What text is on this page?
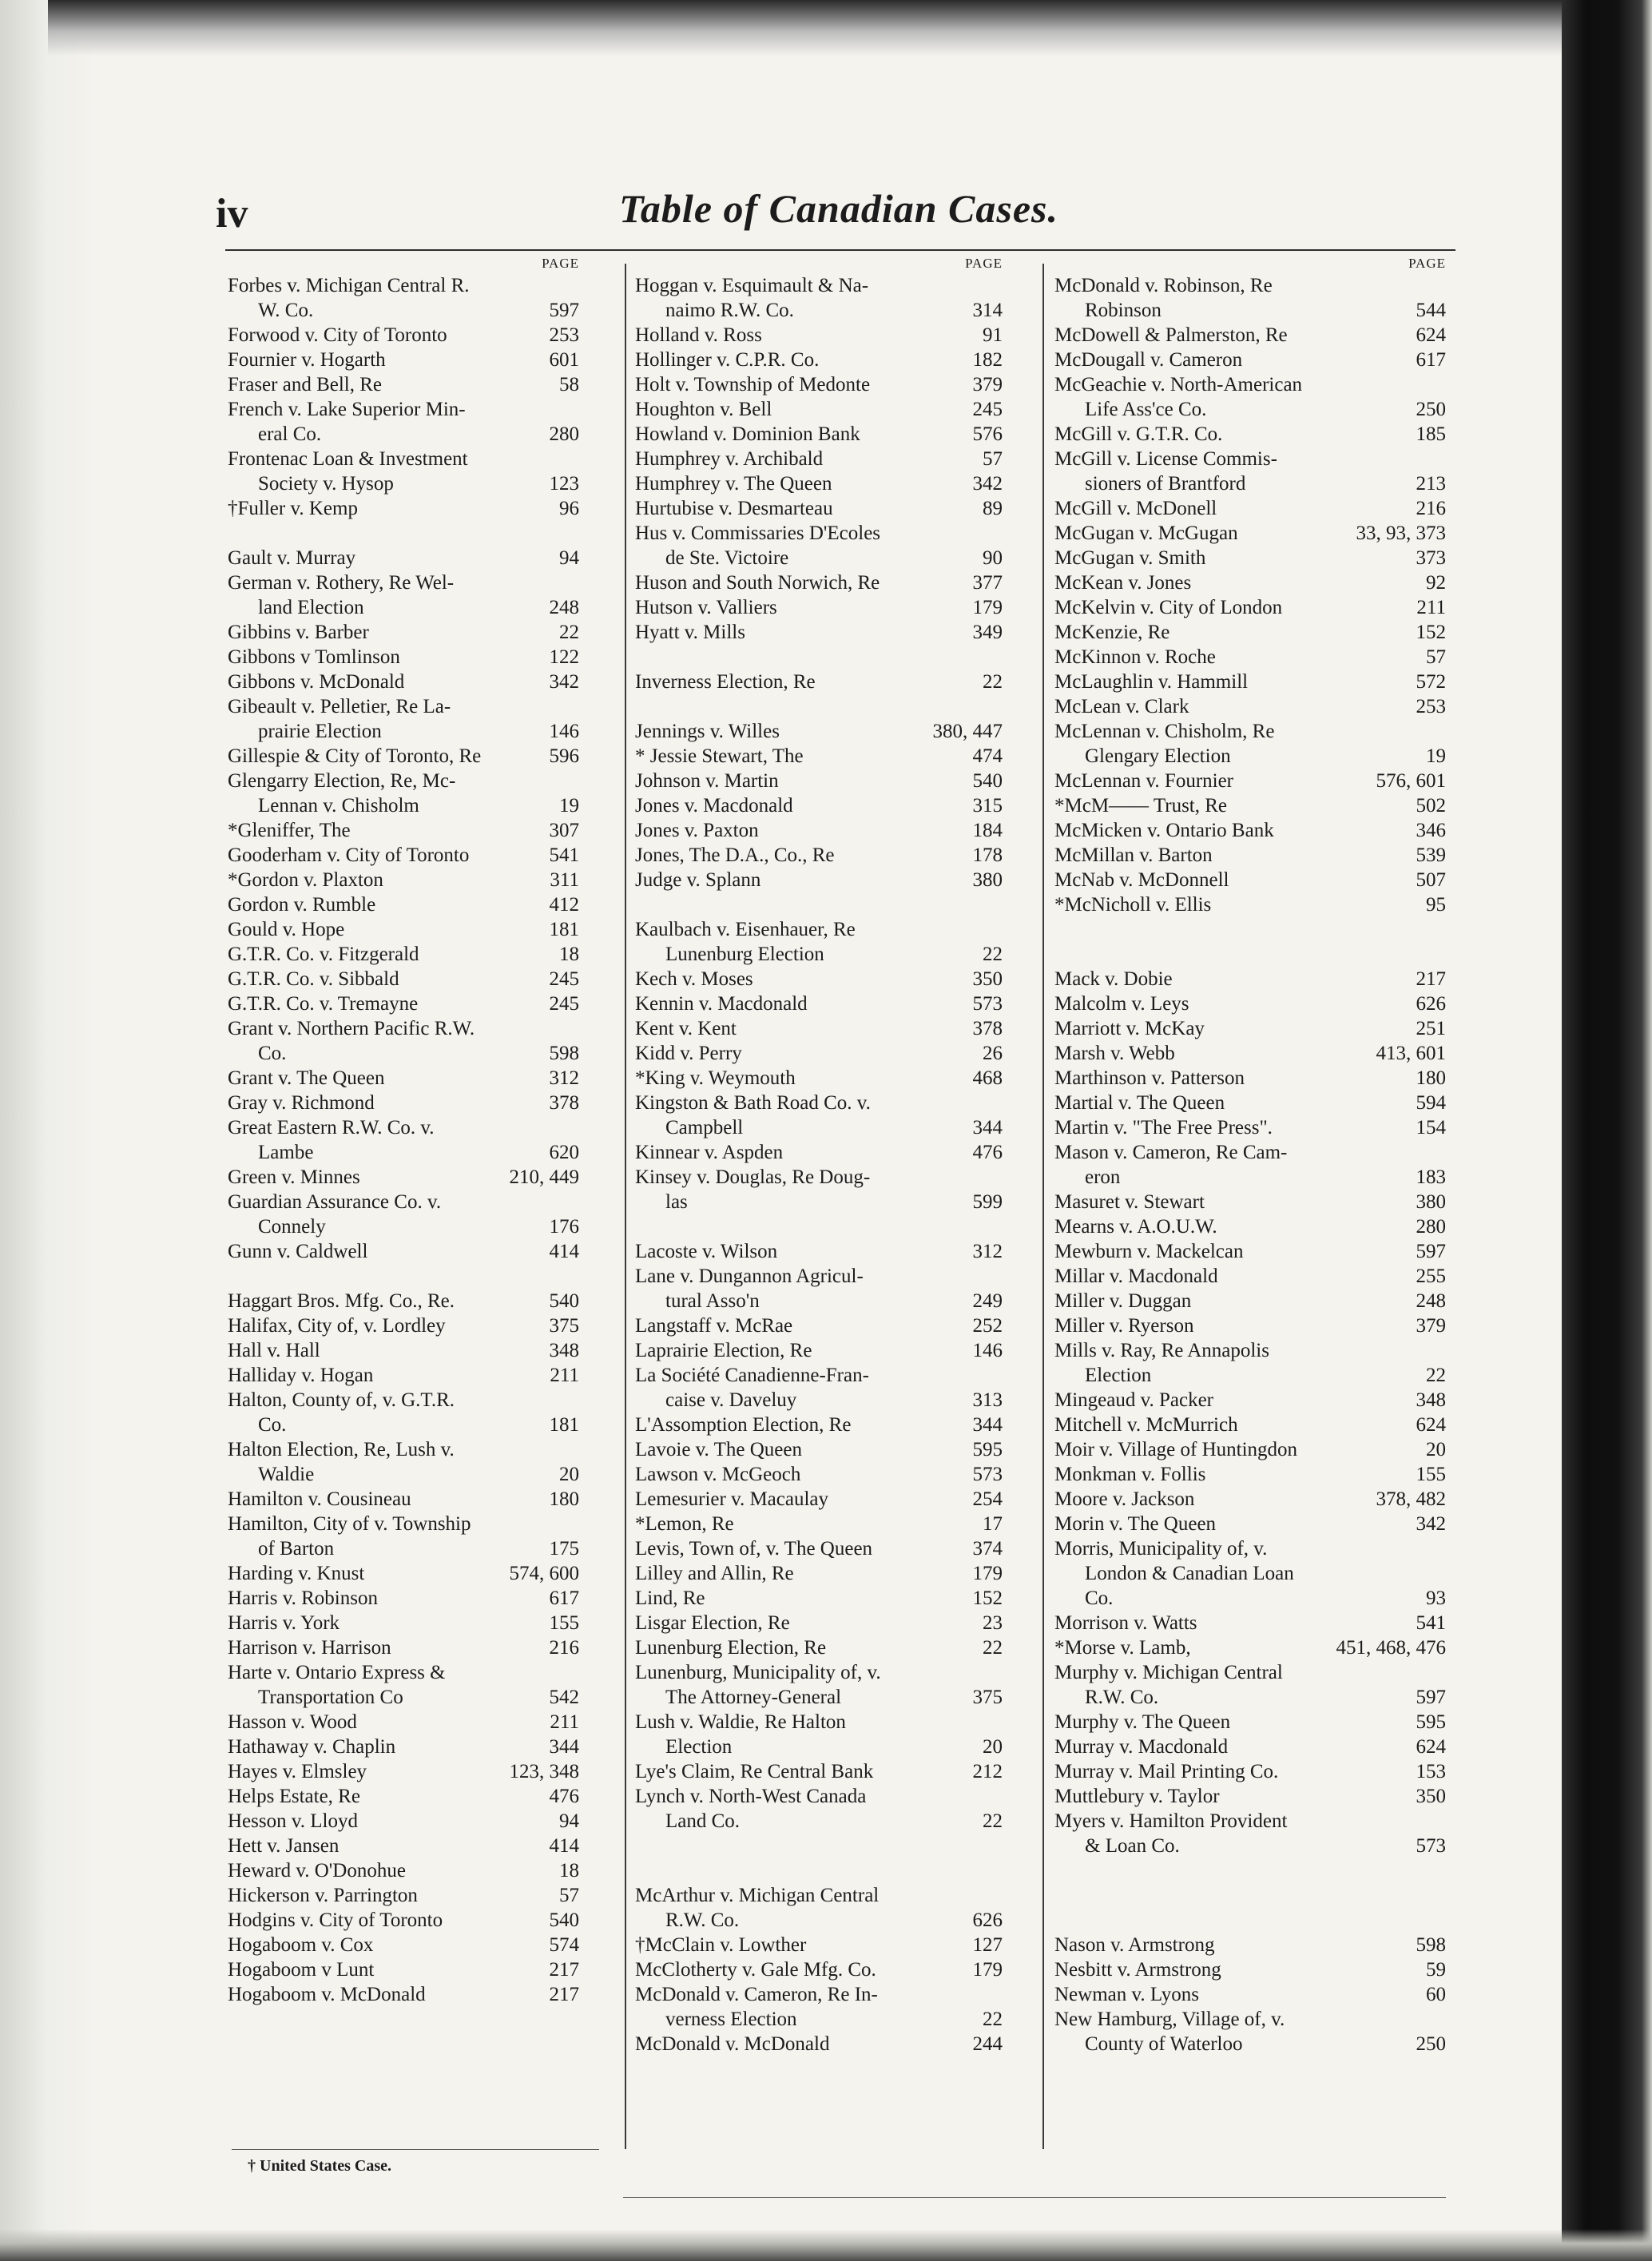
iv	Table of Canadian Cases.
PAGE
Forbes v. Michigan Central R.
W. Co.	597
Forwood v. City of Toronto	253
Fournier v. Hogarth	601
Fraser and Bell, Re	58
French v. Lake Superior Min-
eral Co.	280
Frontenac Loan & Investment
Society v. Hysop	123
†Fuller v. Kemp	96
Gault v. Murray	94
German v. Rothery, Re Wel-
land Election	248
Gibbins v. Barber	22
Gibbons v Tomlinson	122
Gibbons v. McDonald	342
Gibeault v. Pelletier, Re La-
prairie Election	146
Gillespie & City of Toronto, Re	596
Glengarry Election, Re, Mc-
Lennan v. Chisholm	19
*Gleniffer, The	307
Gooderham v. City of Toronto	541
*Gordon v. Plaxton	311
Gordon v. Rumble	412
Gould v. Hope	181
G.T.R. Co. v. Fitzgerald	18
G.T.R. Co. v. Sibbald	245
G.T.R. Co. v. Tremayne	245
Grant v. Northern Pacific R.W.
Co.	598
Grant v. The Queen	312
Gray v. Richmond	378
Great Eastern R.W. Co. v.
Lambe	620
Green v. Minnes	210, 449
Guardian Assurance Co. v.
Connely	176
Gunn v. Caldwell	414
Haggart Bros. Mfg. Co., Re.	540
Halifax, City of, v. Lordley	375
Hall v. Hall	348
Halliday v. Hogan	211
Halton, County of, v. G.T.R.
Co.	181
Halton Election, Re, Lush v.
Waldie	20
Hamilton v. Cousineau	180
Hamilton, City of v. Township
of Barton	175
Harding v. Knust	574, 600
Harris v. Robinson	617
Harris v. York	155
Harrison v. Harrison	216
Harte v. Ontario Express &
Transportation Co	542
Hasson v. Wood	211
Hathaway v. Chaplin	344
Hayes v. Elmsley	123, 348
Helps Estate, Re	476
Hesson v. Lloyd	94
Hett v. Jansen	414
Heward v. O'Donohue	18
Hickerson v. Parrington	57
Hodgins v. City of Toronto	540
Hogaboom v. Cox	574
Hogaboom v Lunt	217
Hogaboom v. McDonald	217
PAGE
Hoggan v. Esquimault & Na-
naimo R.W. Co.	314
Holland v. Ross	91
Hollinger v. C.P.R. Co.	182
Holt v. Township of Medonte	379
Houghton v. Bell	245
Howland v. Dominion Bank	576
Humphrey v. Archibald	57
Humphrey v. The Queen	342
Hurtubise v. Desmarteau	89
Hus v. Commissaries D'Ecoles
de Ste. Victoire	90
Huson and South Norwich, Re	377
Hutson v. Valliers	179
Hyatt v. Mills	349
Inverness Election, Re	22
Jennings v. Willes	380, 447
* Jessie Stewart, The	474
Johnson v. Martin	540
Jones v. Macdonald	315
Jones v. Paxton	184
Jones, The D.A., Co., Re	178
Judge v. Splann	380
Kaulbach v. Eisenhauer, Re
Lunenburg Election	22
Kech v. Moses	350
Kennin v. Macdonald	573
Kent v. Kent	378
Kidd v. Perry	26
*King v. Weymouth	468
Kingston & Bath Road Co. v.
Campbell	344
Kinnear v. Aspden	476
Kinsey v. Douglas, Re Doug-
las	599
Lacoste v. Wilson	312
Lane v. Dungannon Agricul-
tural Asso'n	249
Langstaff v. McRae	252
Laprairie Election, Re	146
La Société Canadienne-Fran-
caise v. Daveluy	313
L'Assomption Election, Re	344
Lavoie v. The Queen	595
Lawson v. McGeoch	573
Lemesurier v. Macaulay	254
*Lemon, Re	17
Levis, Town of, v. The Queen	374
Lilley and Allin, Re	179
Lind, Re	152
Lisgar Election, Re	23
Lunenburg Election, Re	22
Lunenburg, Municipality of, v.
The Attorney-General	375
Lush v. Waldie, Re Halton
Election	20
Lye's Claim, Re Central Bank	212
Lynch v. North-West Canada
Land Co.	22
McArthur v. Michigan Central
R.W. Co.	626
†McClain v. Lowther	127
McClotherty v. Gale Mfg. Co.	179
McDonald v. Cameron, Re In-
verness Election	22
McDonald v. McDonald	244
PAGE
McDonald v. Robinson, Re
Robinson	544
McDowell & Palmerston, Re	624
McDougall v. Cameron	617
McGeachie v. North-American
Life Ass'ce Co.	250
McGill v. G.T.R. Co.	185
McGill v. License Commis-
sioners of Brantford	213
McGill v. McDonell	216
McGugan v. McGugan	33, 93, 373
McGugan v. Smith	373
McKean v. Jones	92
McKelvin v. City of London	211
McKenzie, Re	152
McKinnon v. Roche	57
McLaughlin v. Hammill	572
McLean v. Clark	253
McLennan v. Chisholm, Re
Glengary Election	19
McLennan v. Fournier	576, 601
*McM—— Trust, Re	502
McMicken v. Ontario Bank	346
McMillan v. Barton	539
McNab v. McDonnell	507
*McNicholl v. Ellis	95
Mack v. Dobie	217
Malcolm v. Leys	626
Marriott v. McKay	251
Marsh v. Webb	413, 601
Marthinson v. Patterson	180
Martial v. The Queen	594
Martin v. "The Free Press".	154
Mason v. Cameron, Re Cam-
eron	183
Masuret v. Stewart	380
Mearns v. A.O.U.W.	280
Mewburn v. Mackelcan	597
Millar v. Macdonald	255
Miller v. Duggan	248
Miller v. Ryerson	379
Mills v. Ray, Re Annapolis
Election	22
Mingeaud v. Packer	348
Mitchell v. McMurrich	624
Moir v. Village of Huntingdon	20
Monkman v. Follis	155
Moore v. Jackson	378, 482
Morin v. The Queen	342
Morris, Municipality of, v.
London & Canadian Loan
Co.	93
Morrison v. Watts	541
*Morse v. Lamb,	451, 468, 476
Murphy v. Michigan Central
R.W. Co.	597
Murphy v. The Queen	595
Murray v. Macdonald	624
Murray v. Mail Printing Co.	153
Muttlebury v. Taylor	350
Myers v. Hamilton Provident
& Loan Co.	573
Nason v. Armstrong	598
Nesbitt v. Armstrong	59
Newman v. Lyons	60
New Hamburg, Village of, v.
County of Waterloo	250
† United States Case.
